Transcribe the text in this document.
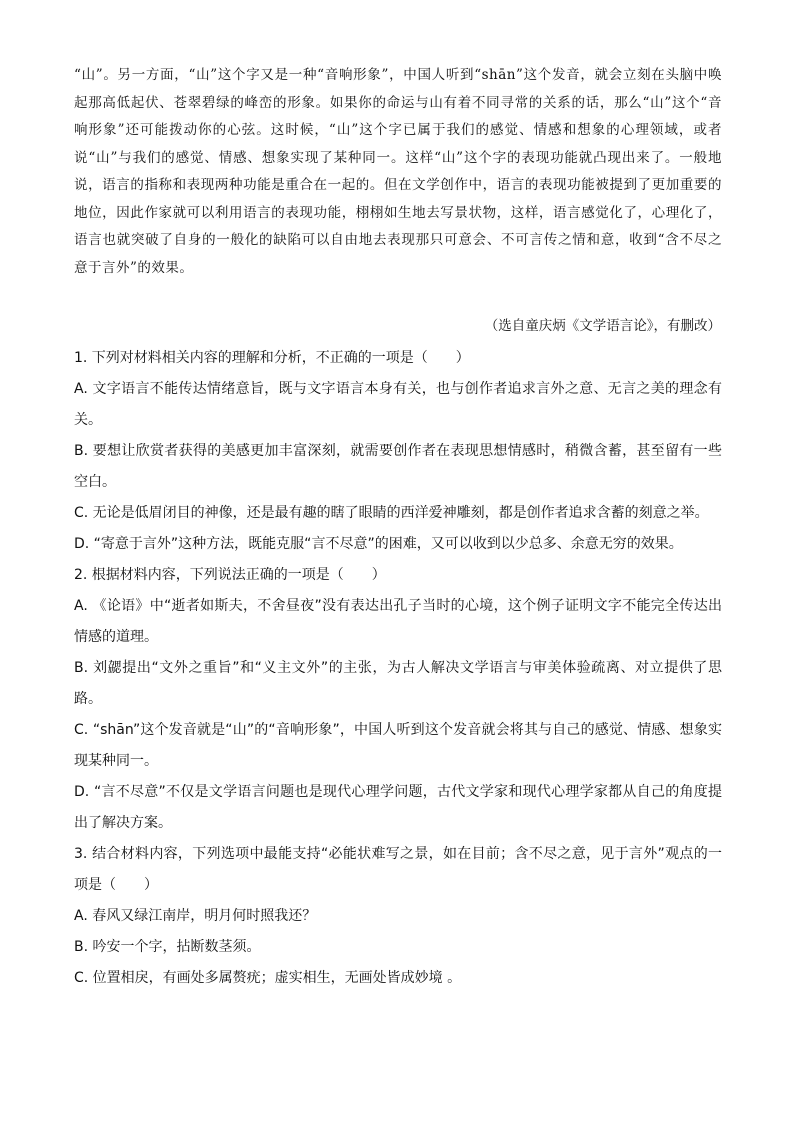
“山”。另一方面，“山”这个字又是一种“音响形象”，中国人听到“shān”这个发音，就会立刻在头脑中唤起那高低起伏、苍翠碧绿的峰峦的形象。如果你的命运与山有着不同寻常的关系的话，那么“山”这个“音响形象”还可能拨动你的心弦。这时候，“山”这个字已属于我们的感觉、情感和想象的心理领域，或者说“山”与我们的感觉、情感、想象实现了某种同一。这样“山”这个字的表现功能就凸现出来了。一般地说，语言的指称和表现两种功能是重合在一起的。但在文学创作中，语言的表现功能被提到了更加重要的地位，因此作家就可以利用语言的表现功能，栩栩如生地去写景状物，这样，语言感觉化了，心理化了，语言也就突破了自身的一般化的缺陷可以自由地去表现那只可意会、不可言传之情和意，收到“含不尽之意于言外”的效果。

（选自童庆炳《文学语言论》，有删改）

1. 下列对材料相关内容的理解和分析，不正确的一项是（　　）

A. 文字语言不能传达情绪意旨，既与文字语言本身有关，也与创作者追求言外之意、无言之美的理念有关。

B. 要想让欣赏者获得的美感更加丰富深刻，就需要创作者在表现思想情感时，稍微含蓄，甚至留有一些空白。

C. 无论是低眉闭目的神像，还是最有趣的瞎了眼睛的西洋爱神雕刻，都是创作者追求含蓄的刻意之举。

D. “寄意于言外”这种方法，既能克服“言不尽意”的困难，又可以收到以少总多、余意无穷的效果。

2. 根据材料内容，下列说法正确的一项是（　　）

A. 《论语》中“逝者如斯夫，不舍昼夜”没有表达出孔子当时的心境，这个例子证明文字不能完全传达出情感的道理。

B. 刘勰提出“文外之重旨”和“义主文外”的主张，为古人解决文学语言与审美体验疏离、对立提供了思路。

C. “shān”这个发音就是“山”的“音响形象”，中国人听到这个发音就会将其与自己的感觉、情感、想象实现某种同一。

D. “言不尽意”不仅是文学语言问题也是现代心理学问题，古代文学家和现代心理学家都从自己的角度提出了解决方案。

3. 结合材料内容，下列选项中最能支持“必能状难写之景，如在目前；含不尽之意，见于言外”观点的一项是（　　）

A. 春风又绿江南岸，明月何时照我还？

B. 吟安一个字，拈断数茎须。

C. 位置相戾，有画处多属赘疣；虚实相生，无画处皆成妙境 。
